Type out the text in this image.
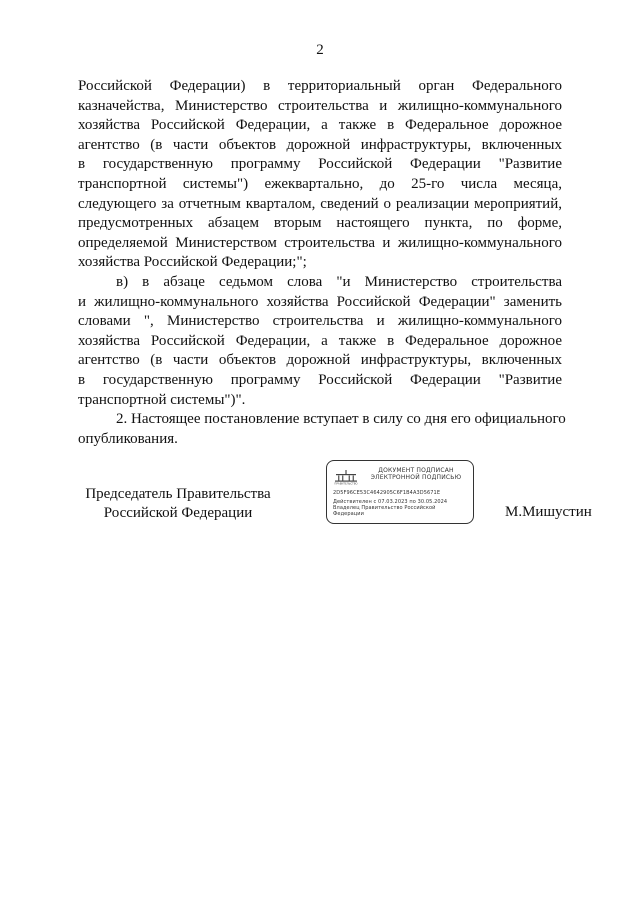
2
Российской Федерации) в территориальный орган Федерального
казначейства, Министерство строительства и жилищно-коммунального
хозяйства Российской Федерации, а также в Федеральное дорожное
агентство (в части объектов дорожной инфраструктуры, включенных
в государственную программу Российской Федерации "Развитие
транспортной системы") ежеквартально, до 25-го числа месяца,
следующего за отчетным кварталом, сведений о реализации мероприятий,
предусмотренных абзацем вторым настоящего пункта, по форме,
определяемой Министерством строительства и жилищно-коммунального
хозяйства Российской Федерации;";
в) в абзаце седьмом слова "и Министерство строительства
и жилищно-коммунального хозяйства Российской Федерации" заменить
словами ", Министерство строительства и жилищно-коммунального
хозяйства Российской Федерации, а также в Федеральное дорожное
агентство (в части объектов дорожной инфраструктуры, включенных
в государственную программу Российской Федерации "Развитие
транспортной системы")".
2. Настоящее постановление вступает в силу со дня его официального
опубликования.
Председатель Правительства
Российской Федерации
ПРАВИТЕЛЬСТВО
ДОКУМЕНТ ПОДПИСАН
ЭЛЕКТРОННОЙ ПОДПИСЬЮ
2D5F96CE53C4642905C6F1B4A3D5671E
Действителен с 07.03.2023 по 30.05.2024
Владелец Правительство Российской
Федерации	М.Мишустин
